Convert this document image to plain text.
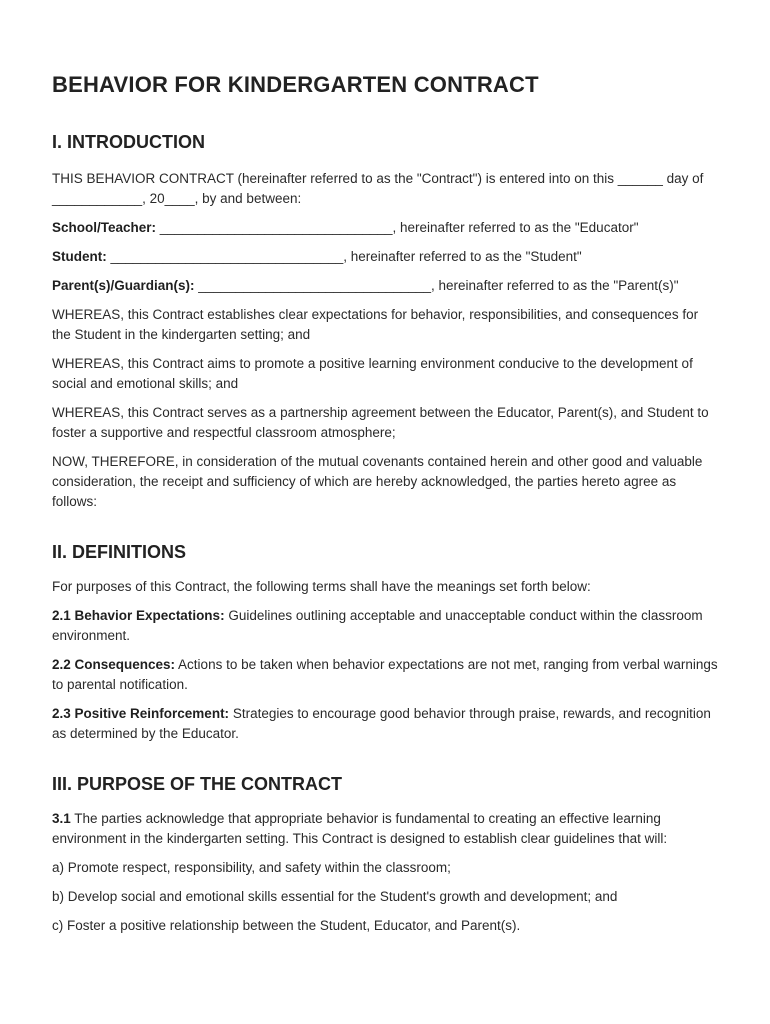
BEHAVIOR FOR KINDERGARTEN CONTRACT
I. INTRODUCTION

THIS BEHAVIOR CONTRACT (hereinafter referred to as the "Contract") is entered into on this ______ day of ____________, 20____, by and between:

School/Teacher: _______________________________, hereinafter referred to as the "Educator"

Student: _______________________________, hereinafter referred to as the "Student"

Parent(s)/Guardian(s): _______________________________, hereinafter referred to as the "Parent(s)"

WHEREAS, this Contract establishes clear expectations for behavior, responsibilities, and consequences for the Student in the kindergarten setting; and

WHEREAS, this Contract aims to promote a positive learning environment conducive to the development of social and emotional skills; and

WHEREAS, this Contract serves as a partnership agreement between the Educator, Parent(s), and Student to foster a supportive and respectful classroom atmosphere;

NOW, THEREFORE, in consideration of the mutual covenants contained herein and other good and valuable consideration, the receipt and sufficiency of which are hereby acknowledged, the parties hereto agree as follows:

II. DEFINITIONS

For purposes of this Contract, the following terms shall have the meanings set forth below:

2.1 Behavior Expectations: Guidelines outlining acceptable and unacceptable conduct within the classroom environment.

2.2 Consequences: Actions to be taken when behavior expectations are not met, ranging from verbal warnings to parental notification.

2.3 Positive Reinforcement: Strategies to encourage good behavior through praise, rewards, and recognition as determined by the Educator.

III. PURPOSE OF THE CONTRACT

3.1 The parties acknowledge that appropriate behavior is fundamental to creating an effective learning environment in the kindergarten setting. This Contract is designed to establish clear guidelines that will:

a) Promote respect, responsibility, and safety within the classroom;

b) Develop social and emotional skills essential for the Student's growth and development; and

c) Foster a positive relationship between the Student, Educator, and Parent(s).
